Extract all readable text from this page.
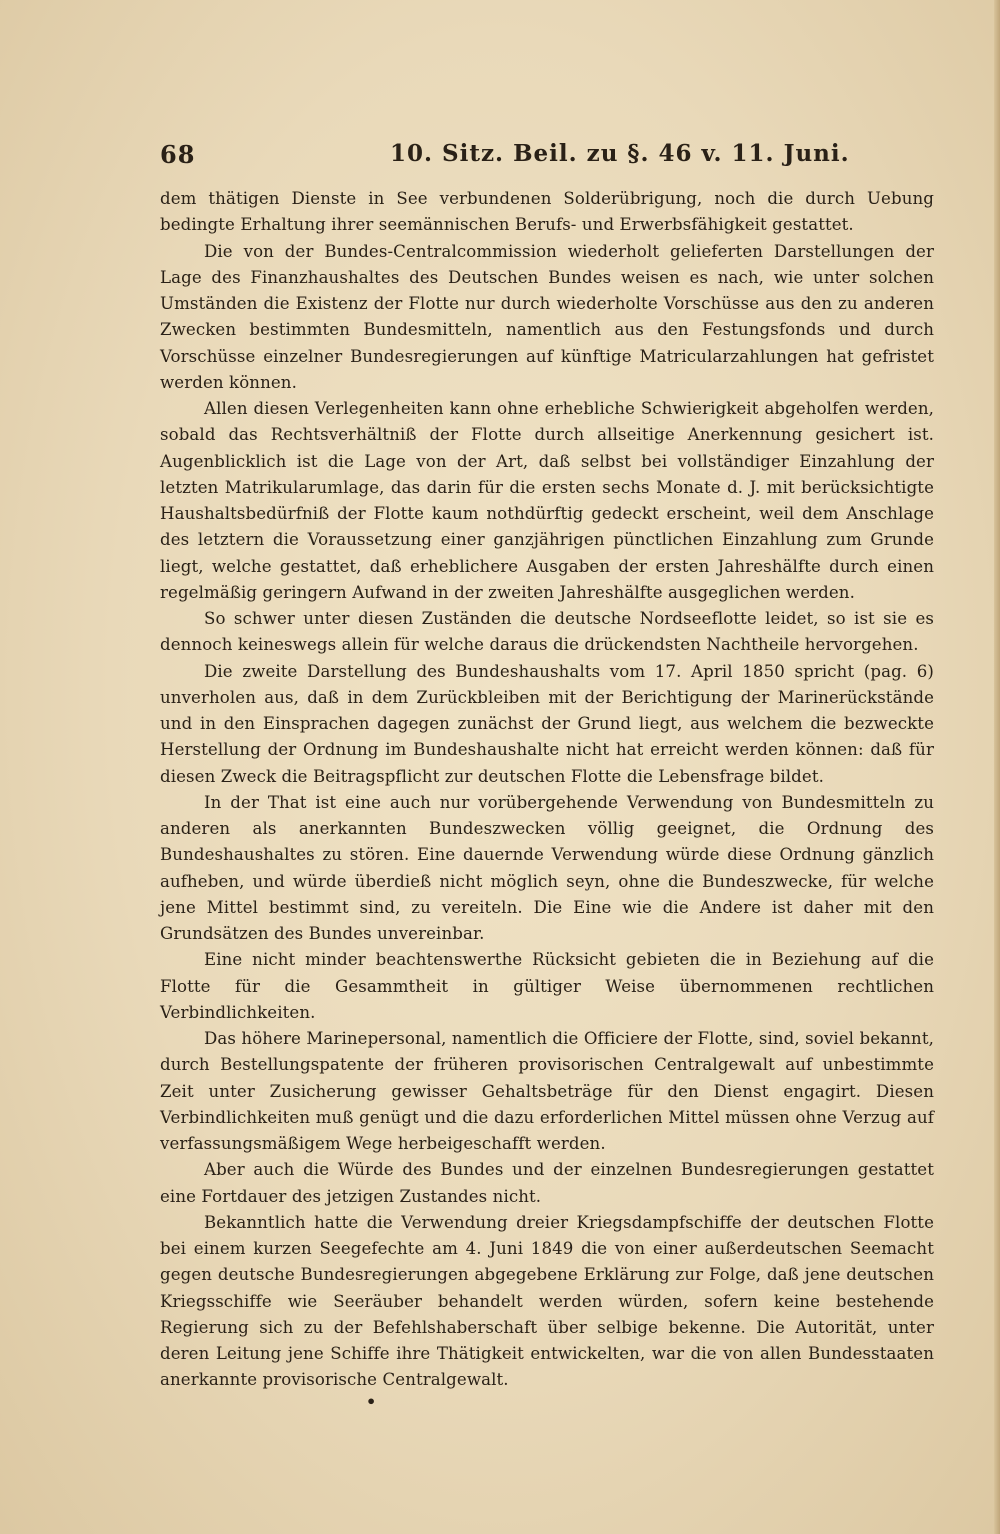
68	10. Sitz. Beil. zu §. 46 v. 11. Juni.

dem thätigen Dienste in See verbundenen Solderübrigung, noch die durch Uebung bedingte Erhaltung ihrer seemännischen Berufs- und Erwerbsfähigkeit gestattet.

Die von der Bundes-Centralcommission wiederholt gelieferten Darstellungen der Lage des Finanzhaushaltes des Deutschen Bundes weisen es nach, wie unter solchen Umständen die Existenz der Flotte nur durch wiederholte Vorschüsse aus den zu anderen Zwecken bestimmten Bundesmitteln, namentlich aus den Festungsfonds und durch Vorschüsse einzelner Bundesregierungen auf künftige Matricularzahlungen hat gefristet werden können.

Allen diesen Verlegenheiten kann ohne erhebliche Schwierigkeit abgeholfen werden, sobald das Rechtsverhältniß der Flotte durch allseitige Anerkennung gesichert ist. Augenblicklich ist die Lage von der Art, daß selbst bei vollständiger Einzahlung der letzten Matrikularumlage, das darin für die ersten sechs Monate d. J. mit berücksichtigte Haushaltsbedürfniß der Flotte kaum nothdürftig gedeckt erscheint, weil dem Anschlage des letztern die Voraussetzung einer ganzjährigen pünctlichen Einzahlung zum Grunde liegt, welche gestattet, daß erheblichere Ausgaben der ersten Jahreshälfte durch einen regelmäßig geringern Aufwand in der zweiten Jahreshälfte ausgeglichen werden.

So schwer unter diesen Zuständen die deutsche Nordseeflotte leidet, so ist sie es dennoch keineswegs allein für welche daraus die drückendsten Nachtheile hervorgehen.

Die zweite Darstellung des Bundeshaushalts vom 17. April 1850 spricht (pag. 6) unverholen aus, daß in dem Zurückbleiben mit der Berichtigung der Marinerückstände und in den Einsprachen dagegen zunächst der Grund liegt, aus welchem die bezweckte Herstellung der Ordnung im Bundeshaushalte nicht hat erreicht werden können: daß für diesen Zweck die Beitragspflicht zur deutschen Flotte die Lebensfrage bildet.

In der That ist eine auch nur vorübergehende Verwendung von Bundesmitteln zu anderen als anerkannten Bundeszwecken völlig geeignet, die Ordnung des Bundeshaushaltes zu stören. Eine dauernde Verwendung würde diese Ordnung gänzlich aufheben, und würde überdieß nicht möglich seyn, ohne die Bundeszwecke, für welche jene Mittel bestimmt sind, zu vereiteln. Die Eine wie die Andere ist daher mit den Grundsätzen des Bundes unvereinbar.

Eine nicht minder beachtenswerthe Rücksicht gebieten die in Beziehung auf die Flotte für die Gesammtheit in gültiger Weise übernommenen rechtlichen Verbindlichkeiten.

Das höhere Marinepersonal, namentlich die Officiere der Flotte, sind, soviel bekannt, durch Bestellungspatente der früheren provisorischen Centralgewalt auf unbestimmte Zeit unter Zusicherung gewisser Gehaltsbeträge für den Dienst engagirt. Diesen Verbindlichkeiten muß genügt und die dazu erforderlichen Mittel müssen ohne Verzug auf verfassungsmäßigem Wege herbeigeschafft werden.

Aber auch die Würde des Bundes und der einzelnen Bundesregierungen gestattet eine Fortdauer des jetzigen Zustandes nicht.

Bekanntlich hatte die Verwendung dreier Kriegsdampfschiffe der deutschen Flotte bei einem kurzen Seegefechte am 4. Juni 1849 die von einer außerdeutschen Seemacht gegen deutsche Bundesregierungen abgegebene Erklärung zur Folge, daß jene deutschen Kriegsschiffe wie Seeräuber behandelt werden würden, sofern keine bestehende Regierung sich zu der Befehlshaberschaft über selbige bekenne. Die Autorität, unter deren Leitung jene Schiffe ihre Thätigkeit entwickelten, war die von allen Bundesstaaten anerkannte provisorische Centralgewalt.

•
